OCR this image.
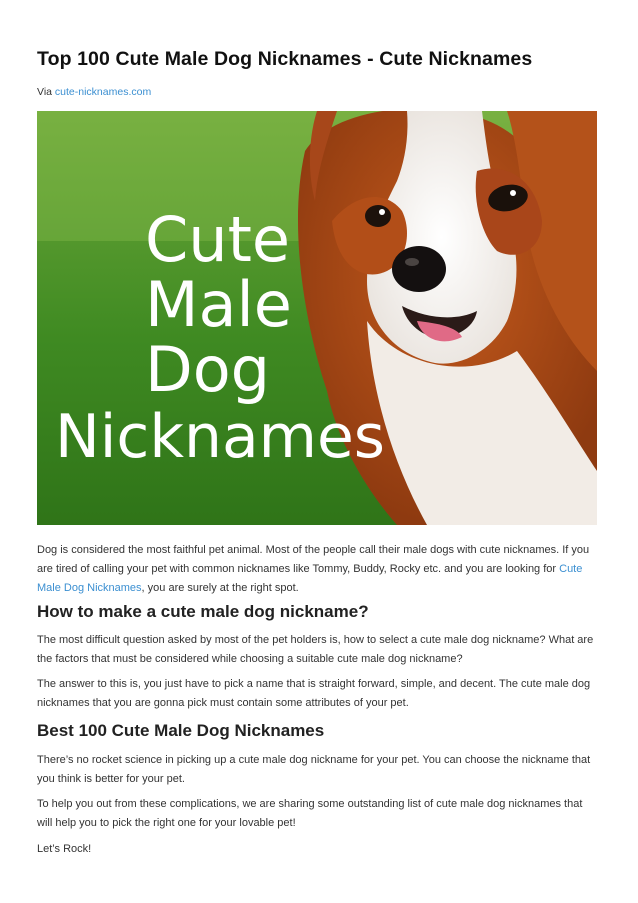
Top 100 Cute Male Dog Nicknames - Cute Nicknames
Via cute-nicknames.com
Cute
Male
Dog
Nicknames

Dog is considered the most faithful pet animal. Most of the people call their male dogs with cute nicknames. If you are tired of calling your pet with common nicknames like Tommy, Buddy, Rocky etc. and you are looking for Cute Male Dog Nicknames, you are surely at the right spot.

How to make a cute male dog nickname?

The most difficult question asked by most of the pet holders is, how to select a cute male dog nickname? What are the factors that must be considered while choosing a suitable cute male dog nickname?

The answer to this is, you just have to pick a name that is straight forward, simple, and decent. The cute male dog nicknames that you are gonna pick must contain some attributes of your pet.

Best 100 Cute Male Dog Nicknames

There’s no rocket science in picking up a cute male dog nickname for your pet. You can choose the nickname that you think is better for your pet.

To help you out from these complications, we are sharing some outstanding list of cute male dog nicknames that will help you to pick the right one for your lovable pet!

Let’s Rock!
